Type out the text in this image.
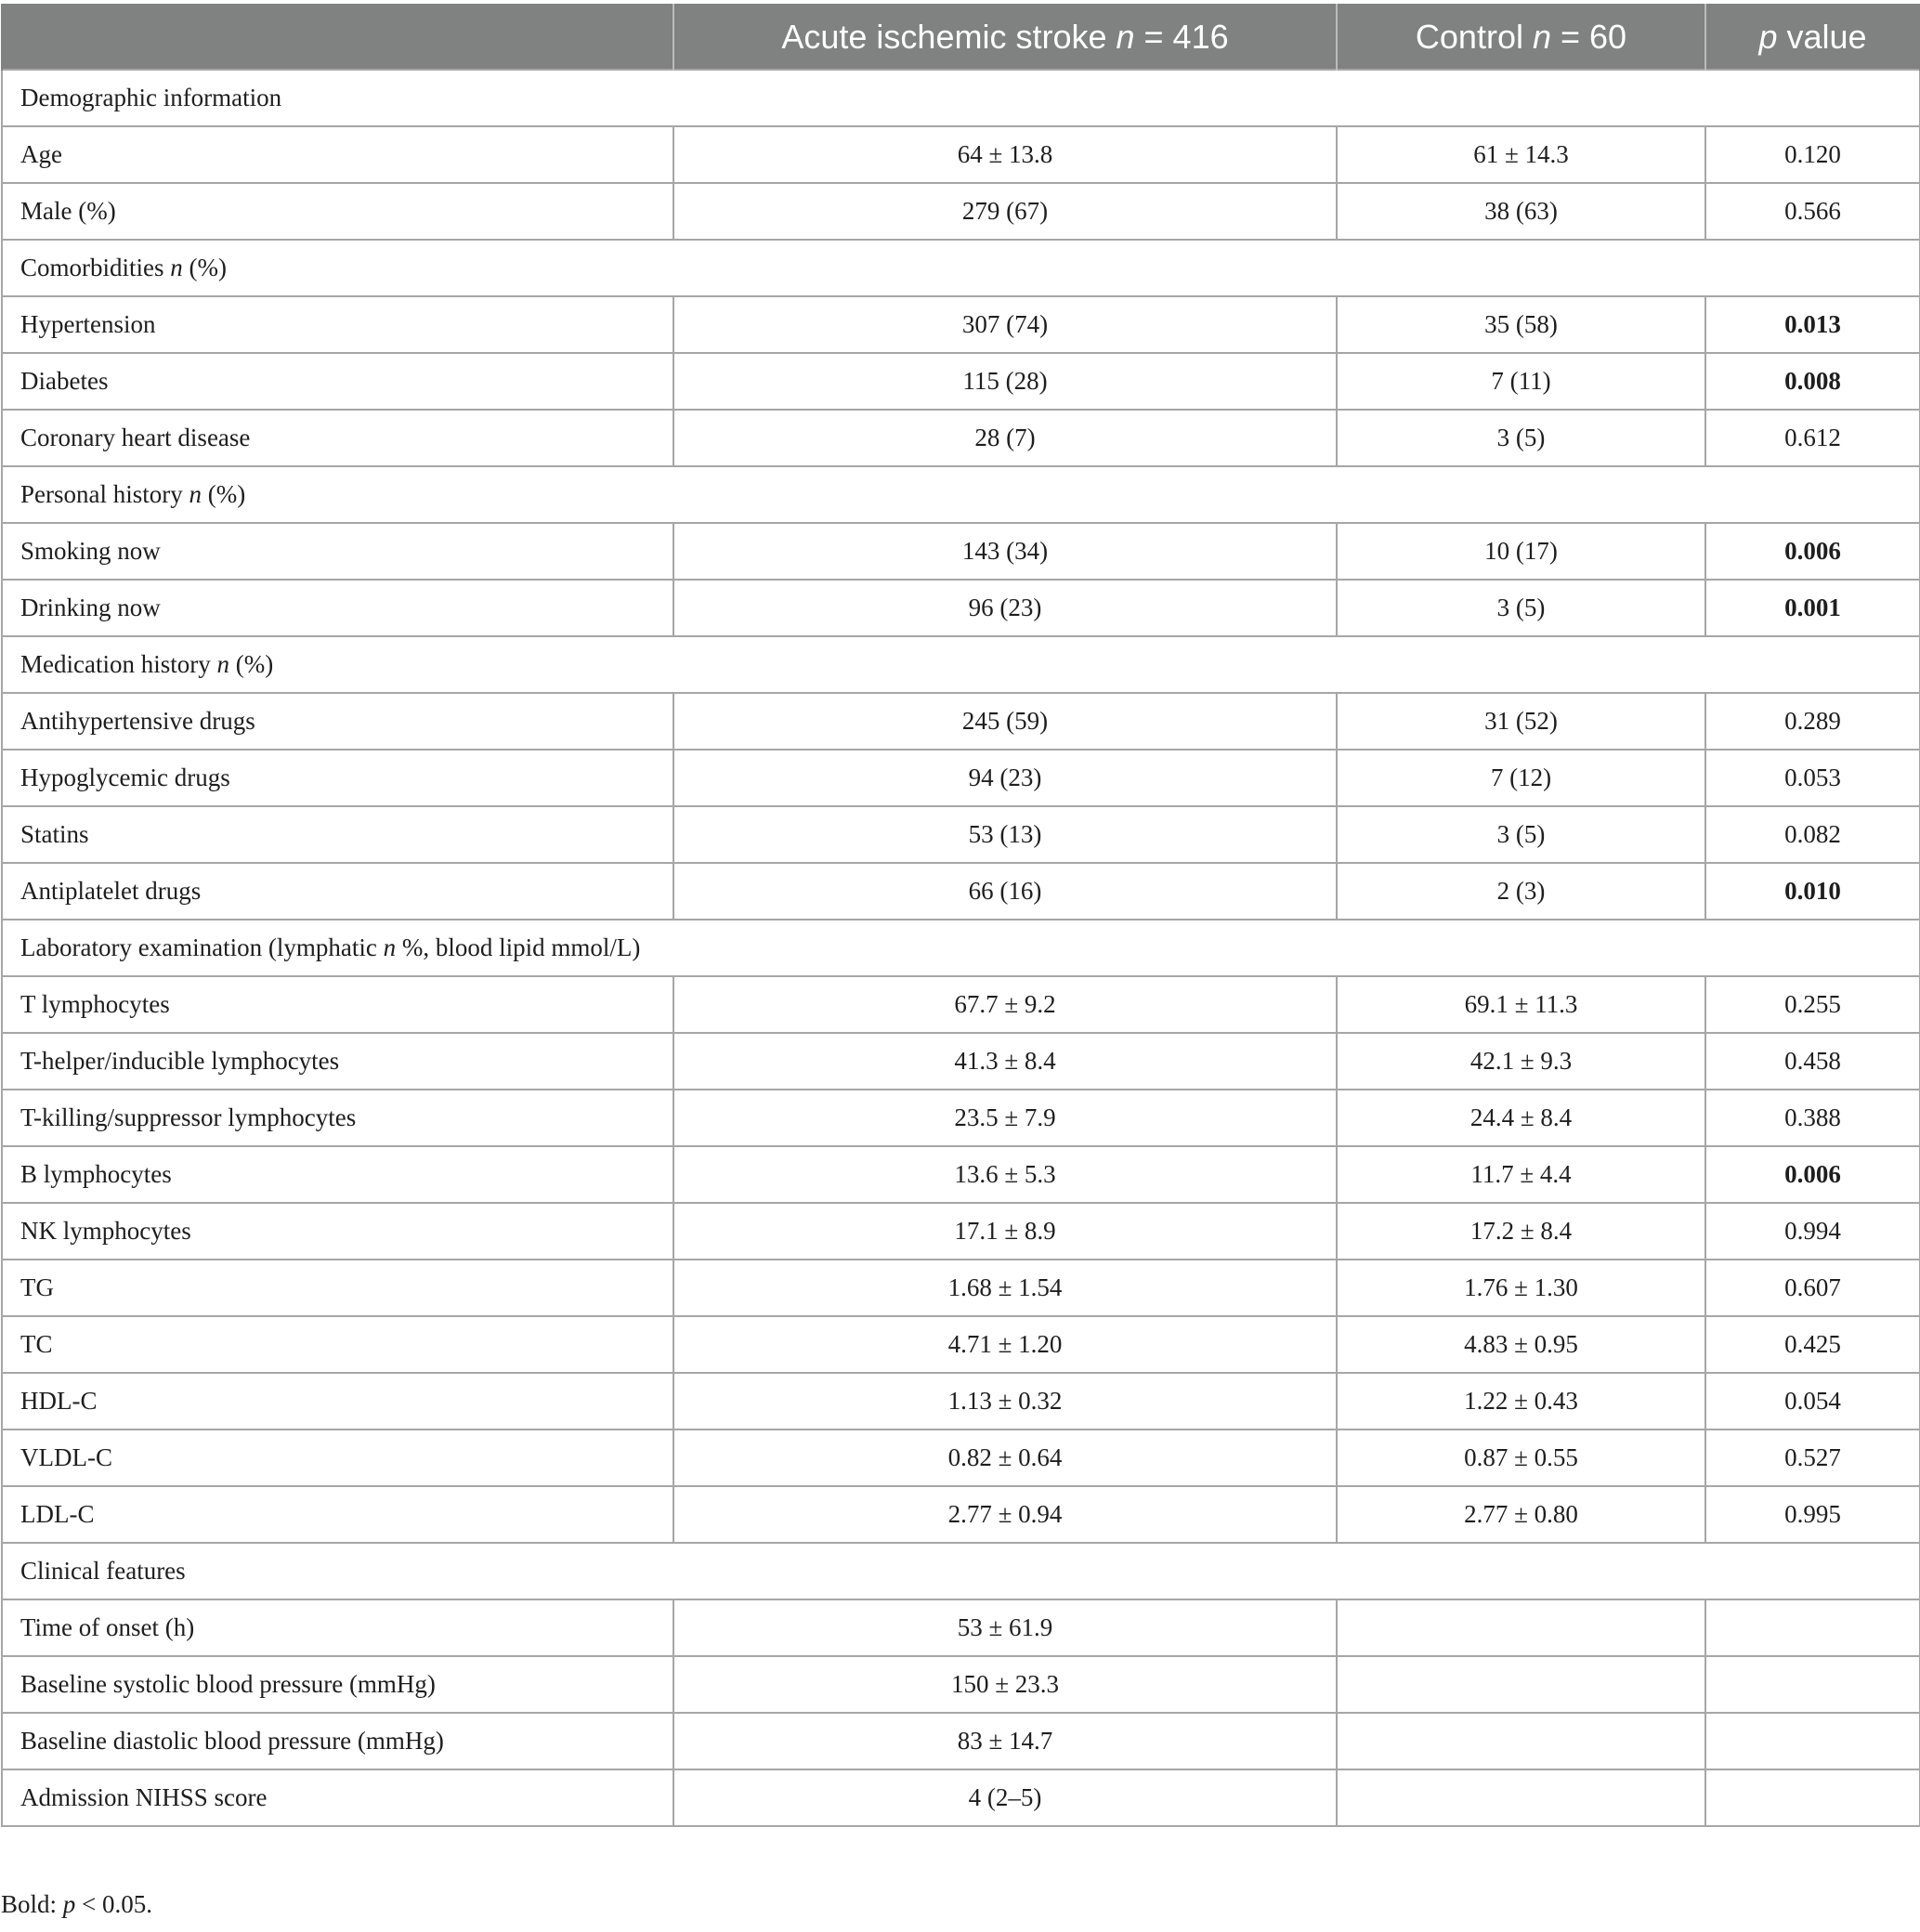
	Acute ischemic stroke n = 416	Control n = 60	p value
Demographic information			
Age	64 ± 13.8	61 ± 14.3	0.120
Male (%)	279 (67)	38 (63)	0.566
Comorbidities n (%)			
Hypertension	307 (74)	35 (58)	0.013
Diabetes	115 (28)	7 (11)	0.008
Coronary heart disease	28 (7)	3 (5)	0.612
Personal history n (%)			
Smoking now	143 (34)	10 (17)	0.006
Drinking now	96 (23)	3 (5)	0.001
Medication history n (%)			
Antihypertensive drugs	245 (59)	31 (52)	0.289
Hypoglycemic drugs	94 (23)	7 (12)	0.053
Statins	53 (13)	3 (5)	0.082
Antiplatelet drugs	66 (16)	2 (3)	0.010
Laboratory examination (lymphatic n %, blood lipid mmol/L)			
T lymphocytes	67.7 ± 9.2	69.1 ± 11.3	0.255
T-helper/inducible lymphocytes	41.3 ± 8.4	42.1 ± 9.3	0.458
T-killing/suppressor lymphocytes	23.5 ± 7.9	24.4 ± 8.4	0.388
B lymphocytes	13.6 ± 5.3	11.7 ± 4.4	0.006
NK lymphocytes	17.1 ± 8.9	17.2 ± 8.4	0.994
TG	1.68 ± 1.54	1.76 ± 1.30	0.607
TC	4.71 ± 1.20	4.83 ± 0.95	0.425
HDL-C	1.13 ± 0.32	1.22 ± 0.43	0.054
VLDL-C	0.82 ± 0.64	0.87 ± 0.55	0.527
LDL-C	2.77 ± 0.94	2.77 ± 0.80	0.995
Clinical features			
Time of onset (h)	53 ± 61.9		
Baseline systolic blood pressure (mmHg)	150 ± 23.3		
Baseline diastolic blood pressure (mmHg)	83 ± 14.7		
Admission NIHSS score	4 (2–5)		
Bold: p < 0.05.
